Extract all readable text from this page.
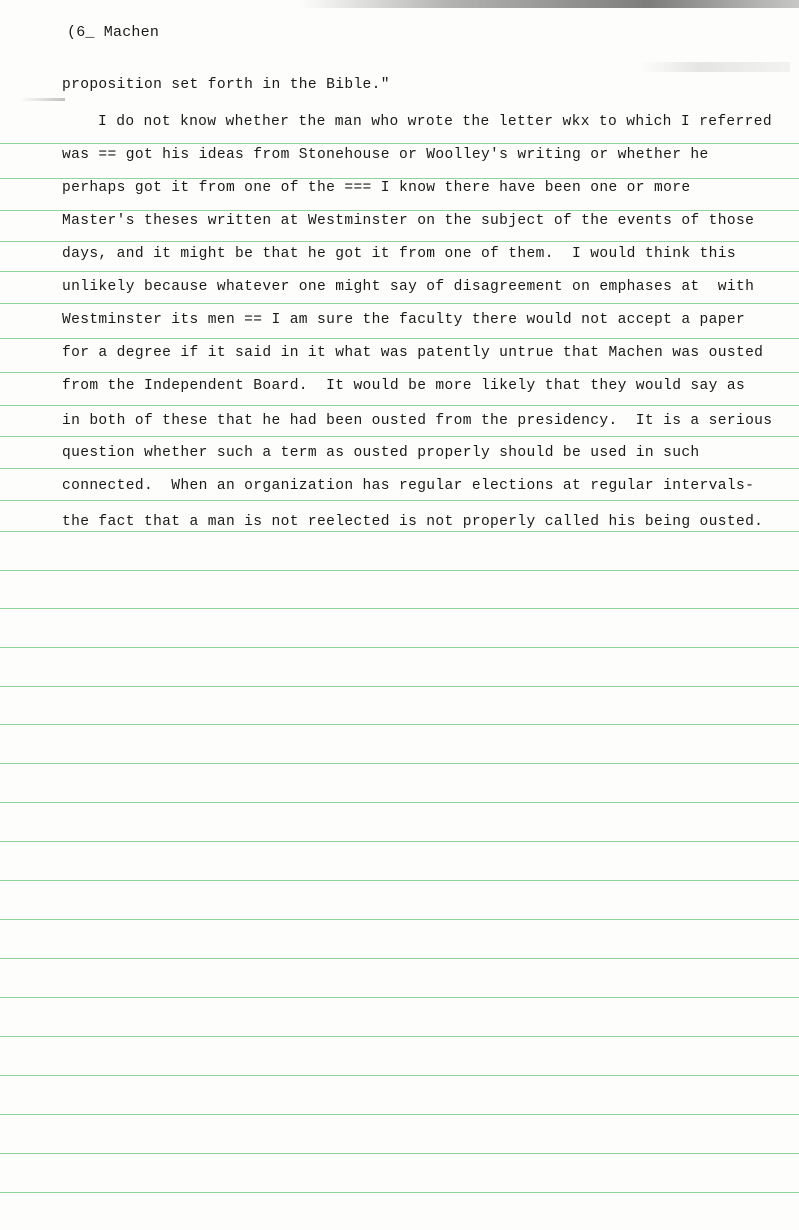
(6_ Machen
proposition set forth in the Bible."
I do not know whether the man who wrote the letter wkx to which I referred
was == got his ideas from Stonehouse or Woolley's writing or whether he
perhaps got it from one of the === I know there have been one or more
Master's theses written at Westminster on the subject of the events of those
days, and it might be that he got it from one of them.  I would think this
unlikely because whatever one might say of disagreement on emphases at  with
Westminster its men == I am sure the faculty there would not accept a paper
for a degree if it said in it what was patently untrue that Machen was ousted
from the Independent Board.  It would be more likely that they would say as
in both of these that he had been ousted from the presidency.  It is a serious
question whether such a term as ousted properly should be used in such
connected.  When an organization has regular elections at regular intervals-
the fact that a man is not reelected is not properly called his being ousted.
